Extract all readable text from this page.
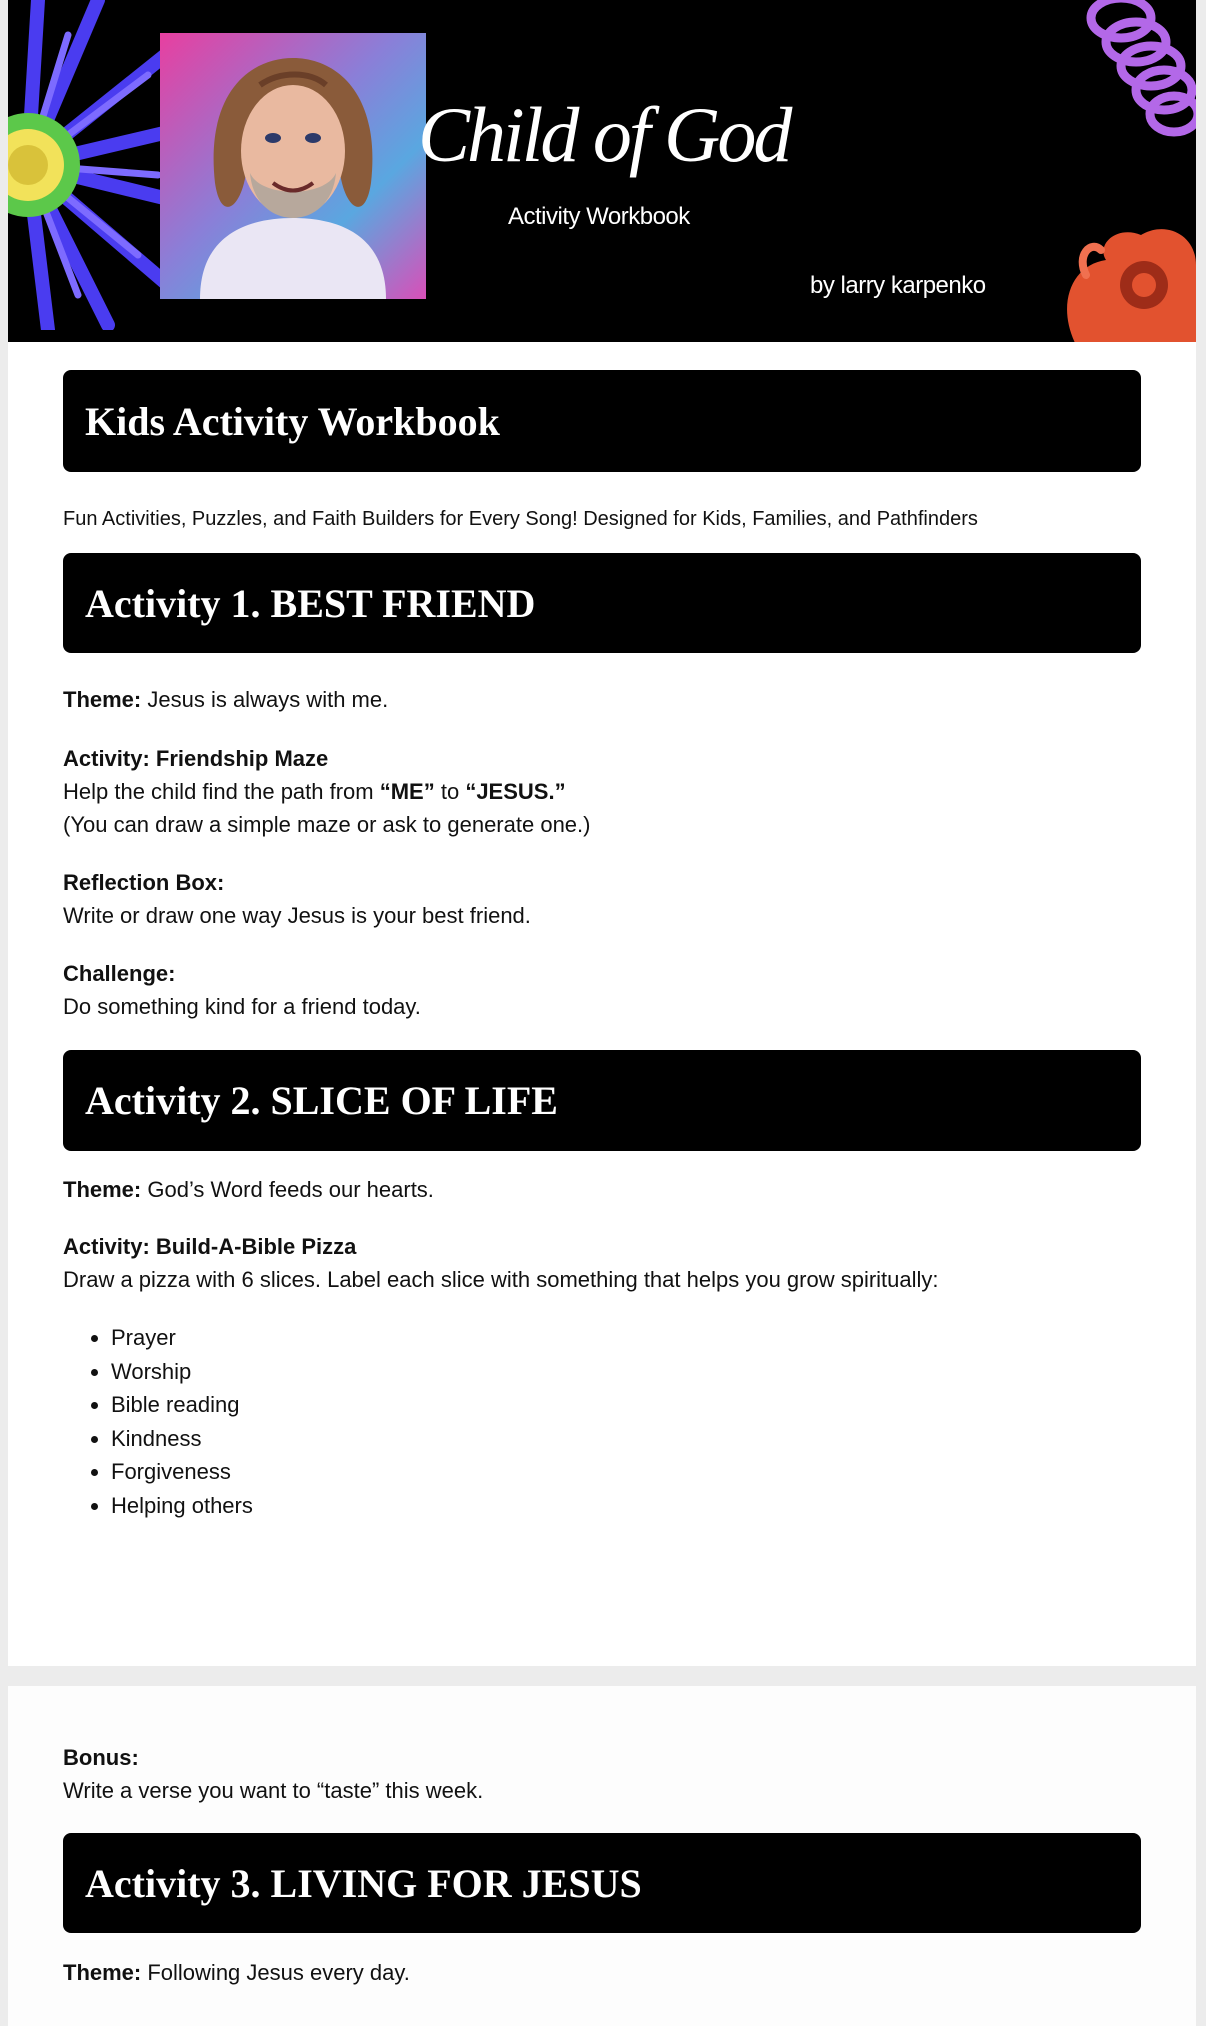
Child of God
Activity Workbook
by larry karpenko
Kids Activity Workbook

Fun Activities, Puzzles, and Faith Builders for Every Song! Designed for Kids, Families, and Pathfinders

Activity 1. BEST FRIEND

Theme: Jesus is always with me.

Activity: Friendship Maze

Help the child find the path from “ME” to “JESUS.”

(You can draw a simple maze or ask to generate one.)

Reflection Box:

Write or draw one way Jesus is your best friend.

Challenge:

Do something kind for a friend today.

Activity 2. SLICE OF LIFE

Theme: God’s Word feeds our hearts.

Activity: Build-A-Bible Pizza

Draw a pizza with 6 slices. Label each slice with something that helps you grow spiritually:

• Prayer
• Worship
• Bible reading
• Kindness
• Forgiveness
• Helping others

Bonus:

Write a verse you want to “taste” this week.

Activity 3. LIVING FOR JESUS

Theme: Following Jesus every day.
